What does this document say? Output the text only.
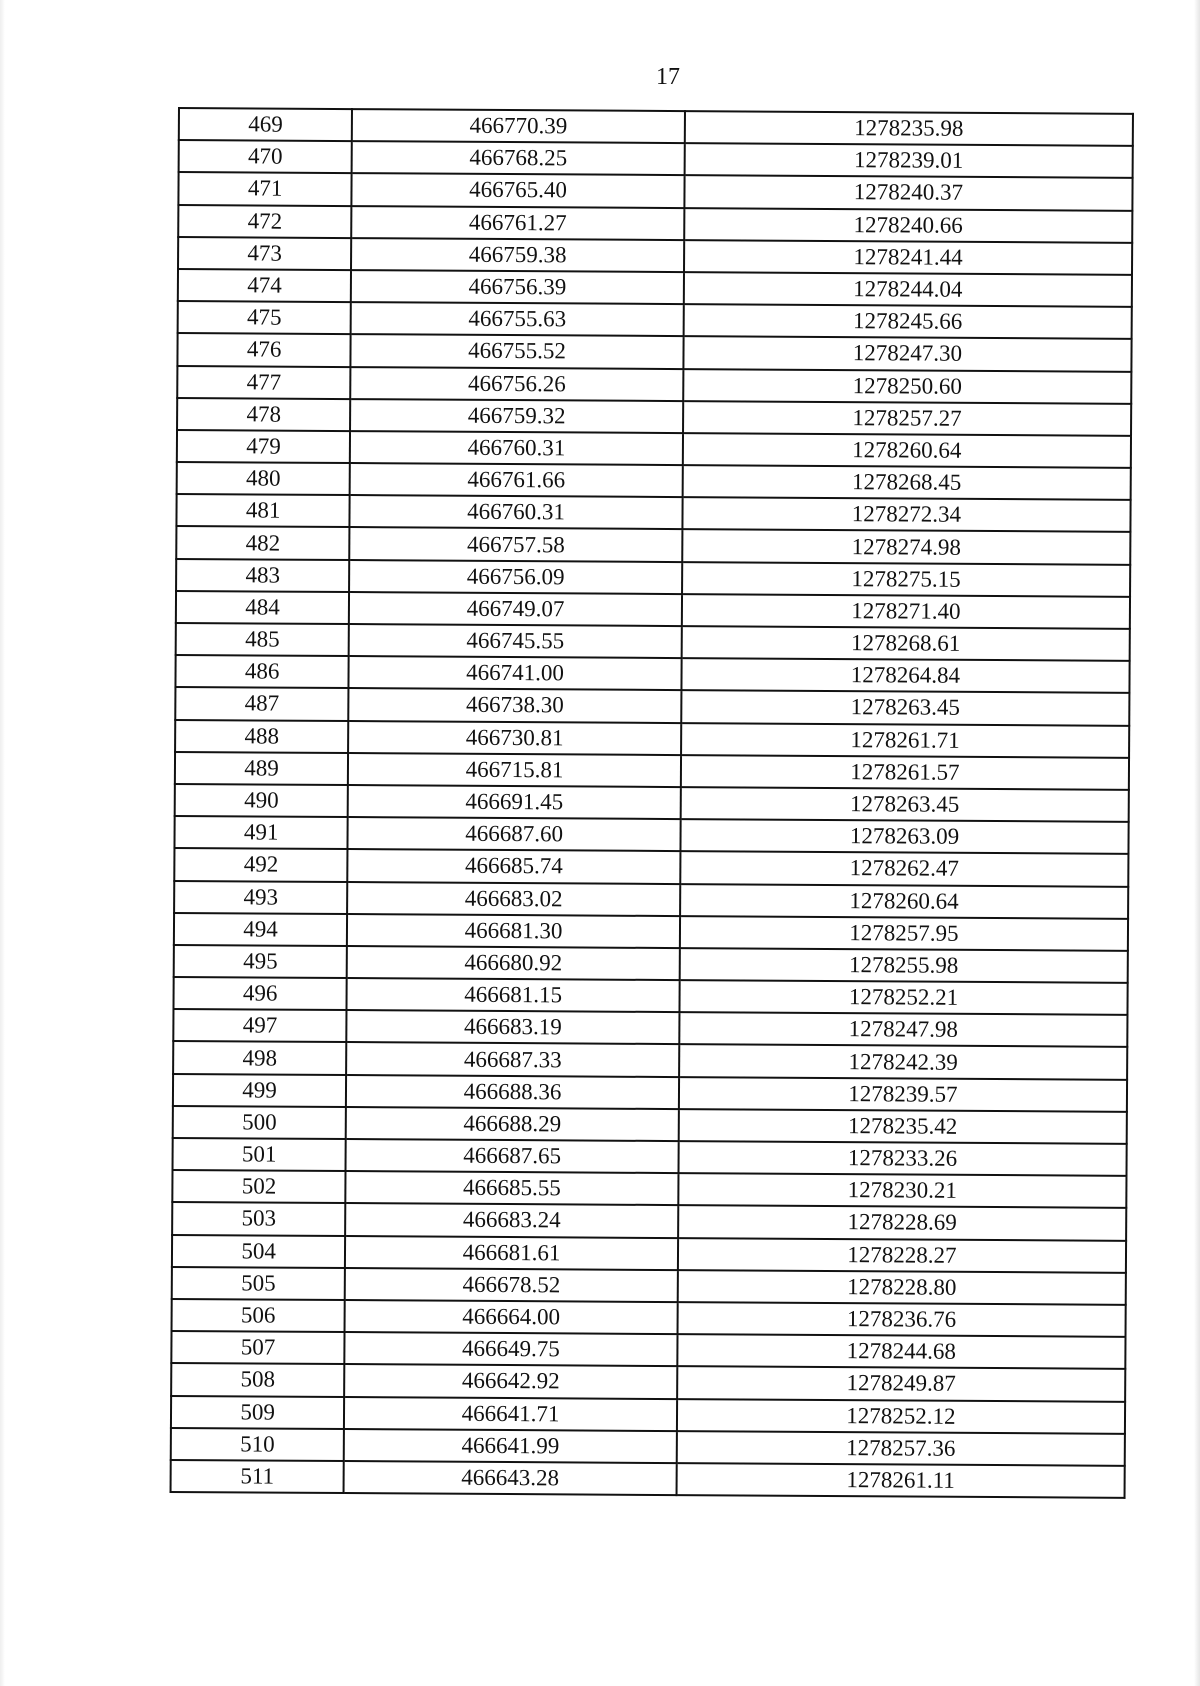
17
469	466770.39	1278235.98
470	466768.25	1278239.01
471	466765.40	1278240.37
472	466761.27	1278240.66
473	466759.38	1278241.44
474	466756.39	1278244.04
475	466755.63	1278245.66
476	466755.52	1278247.30
477	466756.26	1278250.60
478	466759.32	1278257.27
479	466760.31	1278260.64
480	466761.66	1278268.45
481	466760.31	1278272.34
482	466757.58	1278274.98
483	466756.09	1278275.15
484	466749.07	1278271.40
485	466745.55	1278268.61
486	466741.00	1278264.84
487	466738.30	1278263.45
488	466730.81	1278261.71
489	466715.81	1278261.57
490	466691.45	1278263.45
491	466687.60	1278263.09
492	466685.74	1278262.47
493	466683.02	1278260.64
494	466681.30	1278257.95
495	466680.92	1278255.98
496	466681.15	1278252.21
497	466683.19	1278247.98
498	466687.33	1278242.39
499	466688.36	1278239.57
500	466688.29	1278235.42
501	466687.65	1278233.26
502	466685.55	1278230.21
503	466683.24	1278228.69
504	466681.61	1278228.27
505	466678.52	1278228.80
506	466664.00	1278236.76
507	466649.75	1278244.68
508	466642.92	1278249.87
509	466641.71	1278252.12
510	466641.99	1278257.36
511	466643.28	1278261.11
